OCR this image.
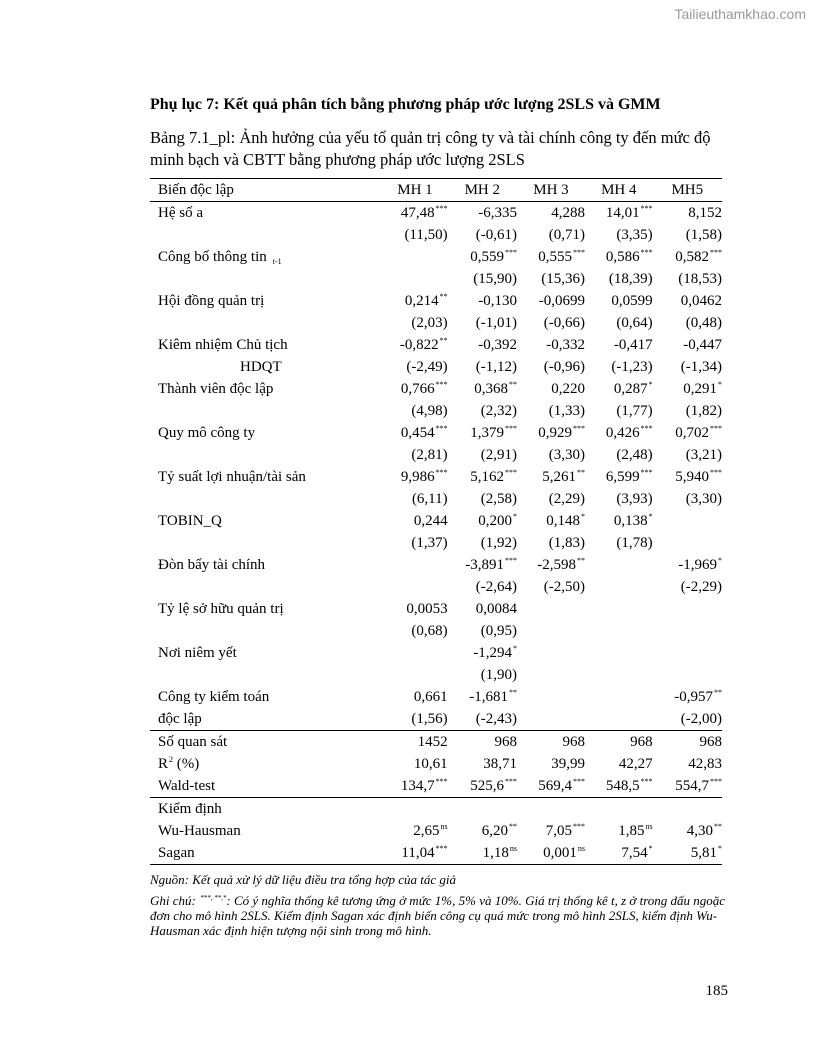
Tailieuthamkhao.com
Phụ lục 7: Kết quả phân tích bằng phương pháp ước lượng 2SLS và GMM
Bảng 7.1_pl: Ảnh hưởng của yếu tố quản trị công ty và tài chính công ty đến mức độ minh bạch và CBTT bằng phương pháp ước lượng 2SLS
Biến độc lập	MH 1	MH 2	MH 3	MH 4	MH5
Hệ số a	47,48***	-6,335	4,288	14,01***	8,152
	(11,50)	(-0,61)	(0,71)	(3,35)	(1,58)
Công bố thông tin $_{t-1}$		0,559***	0,555***	0,586***	0,582***
		(15,90)	(15,36)	(18,39)	(18,53)
Hội đồng quản trị	0,214**	-0,130	-0,0699	0,0599	0,0462
	(2,03)	(-1,01)	(-0,66)	(0,64)	(0,48)
Kiêm nhiệm Chủ tịch	-0,822**	-0,392	-0,332	-0,417	-0,447
HDQT	(-2,49)	(-1,12)	(-0,96)	(-1,23)	(-1,34)
Thành viên độc lập	0,766***	0,368**	0,220	0,287*	0,291*
	(4,98)	(2,32)	(1,33)	(1,77)	(1,82)
Quy mô công ty	0,454***	1,379***	0,929***	0,426***	0,702***
	(2,81)	(2,91)	(3,30)	(2,48)	(3,21)
Tỷ suất lợi nhuận/tài sản	9,986***	5,162***	5,261**	6,599***	5,940***
	(6,11)	(2,58)	(2,29)	(3,93)	(3,30)
TOBIN_Q	0,244	0,200*	0,148*	0,138*	
	(1,37)	(1,92)	(1,83)	(1,78)	
Đòn bẩy tài chính		-3,891***	-2,598**		-1,969*
		(-2,64)	(-2,50)		(-2,29)
Tỷ lệ sở hữu quản trị	0,0053	0,0084			
	(0,68)	(0,95)			
Nơi niêm yết		-1,294*			
		(1,90)			
Công ty kiểm toán	0,661	-1,681**			-0,957**
độc lập	(1,56)	(-2,43)			(-2,00)
Số quan sát	1452	968	968	968	968
$R^2$ (%)	10,61	38,71	39,99	42,27	42,83
Wald-test	134,7***	525,6***	569,4***	548,5***	554,7***
Kiểm định					
Wu-Hausman	$2,65^{ns}$	6,20**	7,05***	$1,85^{ns}$	4,30**
Sagan	11,04***	$1,18^{ns}$	$0,001^{ns}$	7,54*	5,81*
Nguồn: Kết quả xử lý dữ liệu điều tra tổng hợp của tác giả
Ghi chú: ***, **,*: Có ý nghĩa thống kê tương ứng ở mức 1%, 5% và 10%. Giá trị thống kê t, z ở trong dấu ngoặc đơn cho mô hình 2SLS. Kiểm định Sagan xác định biến công cụ quá mức trong mô hình 2SLS, kiểm định Wu-Hausman xác định hiện tượng nội sinh trong mô hình.
185
